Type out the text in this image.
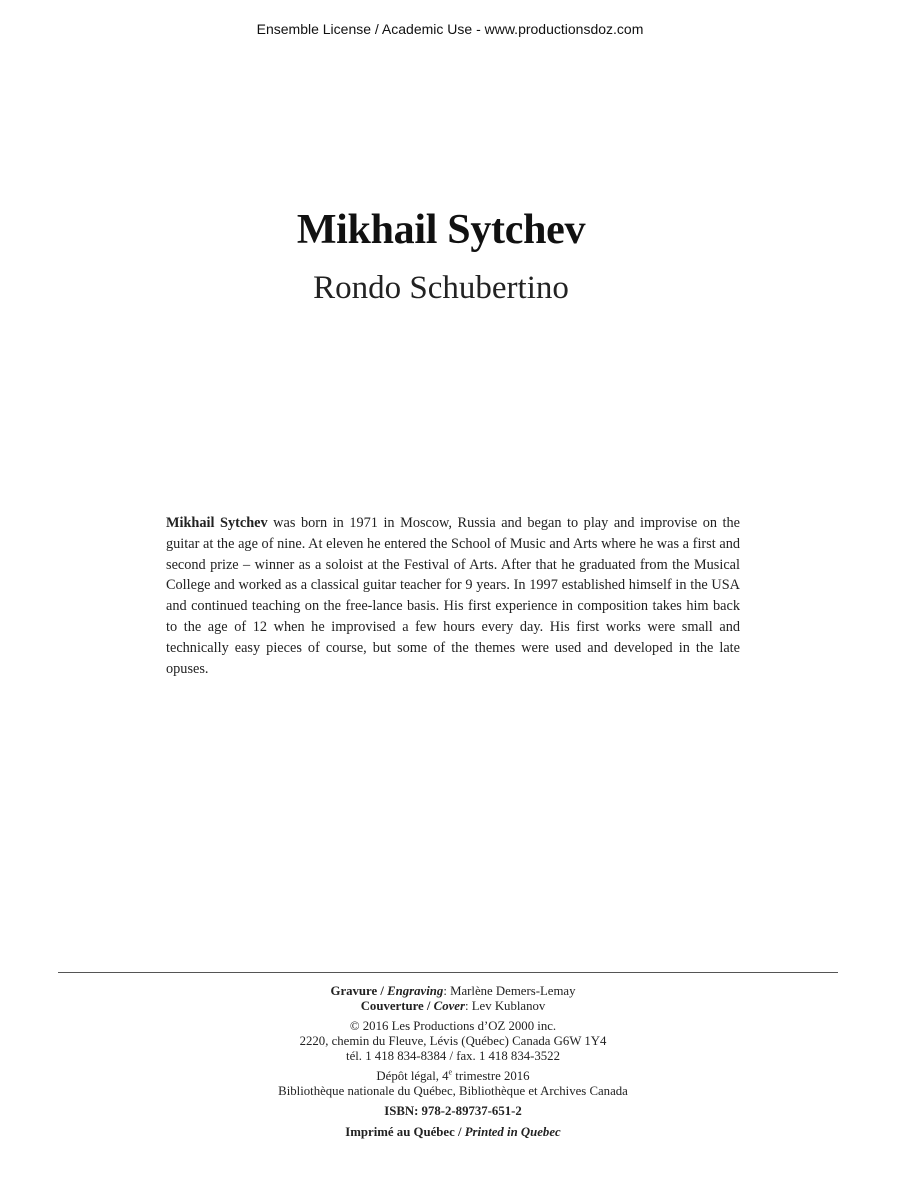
Ensemble License / Academic Use - www.productionsdoz.com
Mikhail Sytchev
Rondo Schubertino
Mikhail Sytchev was born in 1971 in Moscow, Russia and began to play and improvise on the guitar at the age of nine. At eleven he entered the School of Music and Arts where he was a first and second prize – winner as a soloist at the Festival of Arts. After that he graduated from the Musical College and worked as a classical guitar teacher for 9 years. In 1997 established himself in the USA and continued teaching on the free-lance basis. His first experience in composition takes him back to the age of 12 when he improvised a few hours every day. His first works were small and technically easy pieces of course, but some of the themes were used and developed in the late opuses.
Gravure / Engraving: Marlène Demers-Lemay
Couverture / Cover: Lev Kublanov
© 2016 Les Productions d’OZ 2000 inc.
2220, chemin du Fleuve, Lévis (Québec) Canada G6W 1Y4
tél. 1 418 834-8384 / fax. 1 418 834-3522
Dépôt légal, 4e trimestre 2016
Bibliothèque nationale du Québec, Bibliothèque et Archives Canada
ISBN: 978-2-89737-651-2
Imprimé au Québec / Printed in Quebec
